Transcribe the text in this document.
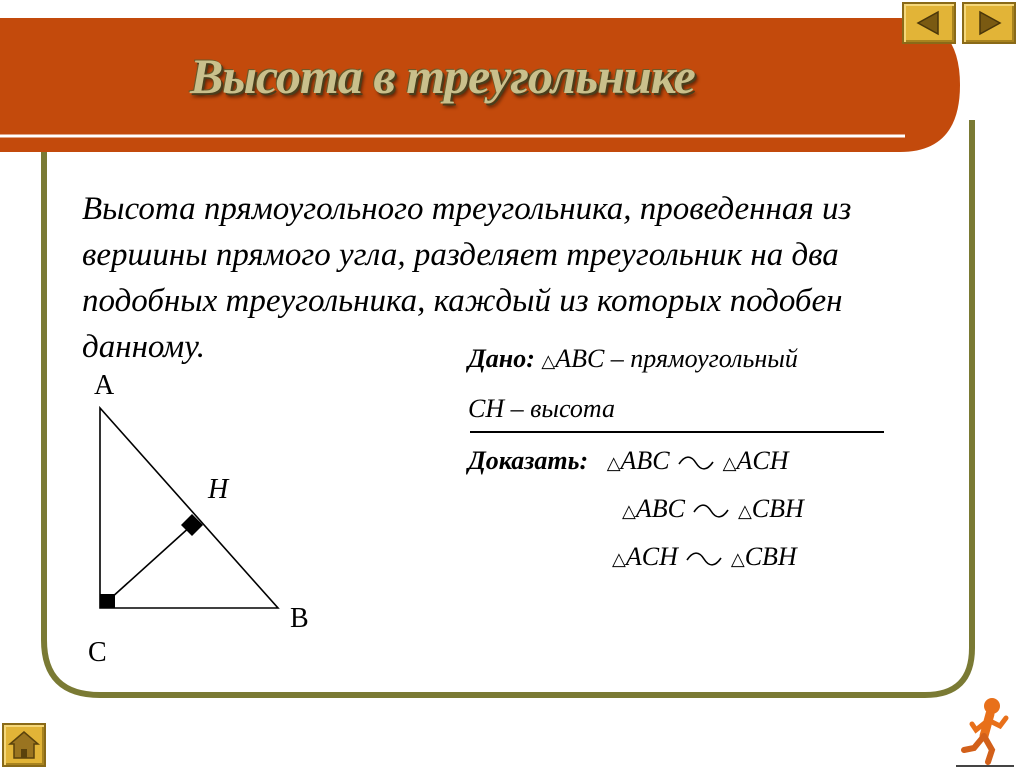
Высота в треугольнике
Высота прямоугольного треугольника, проведенная из вершины прямого угла, разделяет треугольник на два подобных треугольника, каждый из которых подобен данному.	Дано: △ABC – прямоугольный
CH – высота
Доказать: △ABC	△ACH
△ABC	△CBH
△ACH	△CBH
A
H
B
C
